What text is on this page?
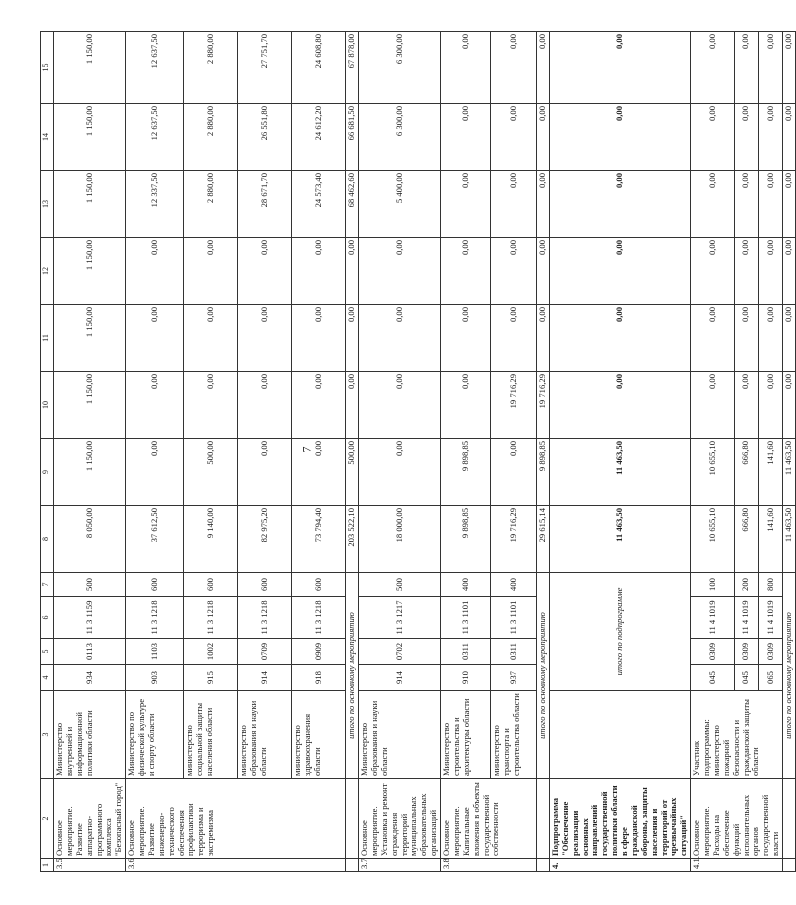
7
1	2	3	4	5	6	7	8	9	10	11	12	13	14	15
3.5	Основное мероприятие. Развитие аппаратно-программного комплекса "Безопасный город"	Министерство внутренней и информационной политики области	934	0113	11 3 1159	500	8 050,00	1 150,00	1 150,00	1 150,00	1 150,00	1 150,00	1 150,00	1 150,00
3.6	Основное мероприятие. Развитие инженерно-технического обеспечения профилактики терроризма и экстремизма	Министерство по физической культуре и спорту области	903	1103	11 3 1218	600	37 612,50	0,00	0,00	0,00	0,00	12 337,50	12 637,50	12 637,50
		министерство социальной защиты населения области	915	1002	11 3 1218	600	9 140,00	500,00	0,00	0,00	0,00	2 880,00	2 880,00	2 880,00
		министерство образования и науки области	914	0709	11 3 1218	600	82 975,20	0,00	0,00	0,00	0,00	28 671,70	26 551,80	27 751,70
		министерство здравоохранения области	918	0909	11 3 1218	600	73 794,40	0,00	0,00	0,00	0,00	24 573,40	24 612,20	24 608,80
		итого по основному мероприятию					203 522,10	500,00	0,00	0,00	0,00	68 462,60	66 681,50	67 878,00
3.7	Основное мероприятие. Установка и ремонт ограждения территорий муниципальных образовательных организаций	Министерство образования и науки области	914	0702	11 3 1217	500	18 000,00	0,00	0,00	0,00	0,00	5 400,00	6 300,00	6 300,00
3.8	Основное мероприятие. Капитальные вложения в объекты государственной собственности	Министерство строительства и архитектуры области	910	0311	11 3 1101	400	9 898,85	9 898,85	0,00	0,00	0,00	0,00	0,00	0,00
		министерство транспорта и строительства области	937	0311	11 3 1101	400	19 716,29	0,00	19 716,29	0,00	0,00	0,00	0,00	0,00
		итого по основному мероприятию					29 615,14	9 898,85	19 716,29	0,00	0,00	0,00	0,00	0,00
4.	Подпрограмма "Обеспечение реализации основных направлений государственной политики области в сфере гражданской обороны, защиты населения и территорий от чрезвычайных ситуаций"		итого по подпрограмме				11 463,50	11 463,50	0,00	0,00	0,00	0,00	0,00	0,00
4.1.	Основное мероприятие. Расходы на обеспечение функций исполнительных органов государственной власти	Участник подпрограммы: министерство пожарной безопасности и гражданской защиты области	045	0309	11 4 1019	100	10 655,10	10 655,10	0,00	0,00	0,00	0,00	0,00	0,00
			045	0309	11 4 1019	200	666,80	666,80	0,00	0,00	0,00	0,00	0,00	0,00
			065	0309	11 4 1019	800	141,60	141,60	0,00	0,00	0,00	0,00	0,00	0,00
		итого по основному мероприятию					11 463,50	11 463,50	0,00	0,00	0,00	0,00	0,00	0,00
